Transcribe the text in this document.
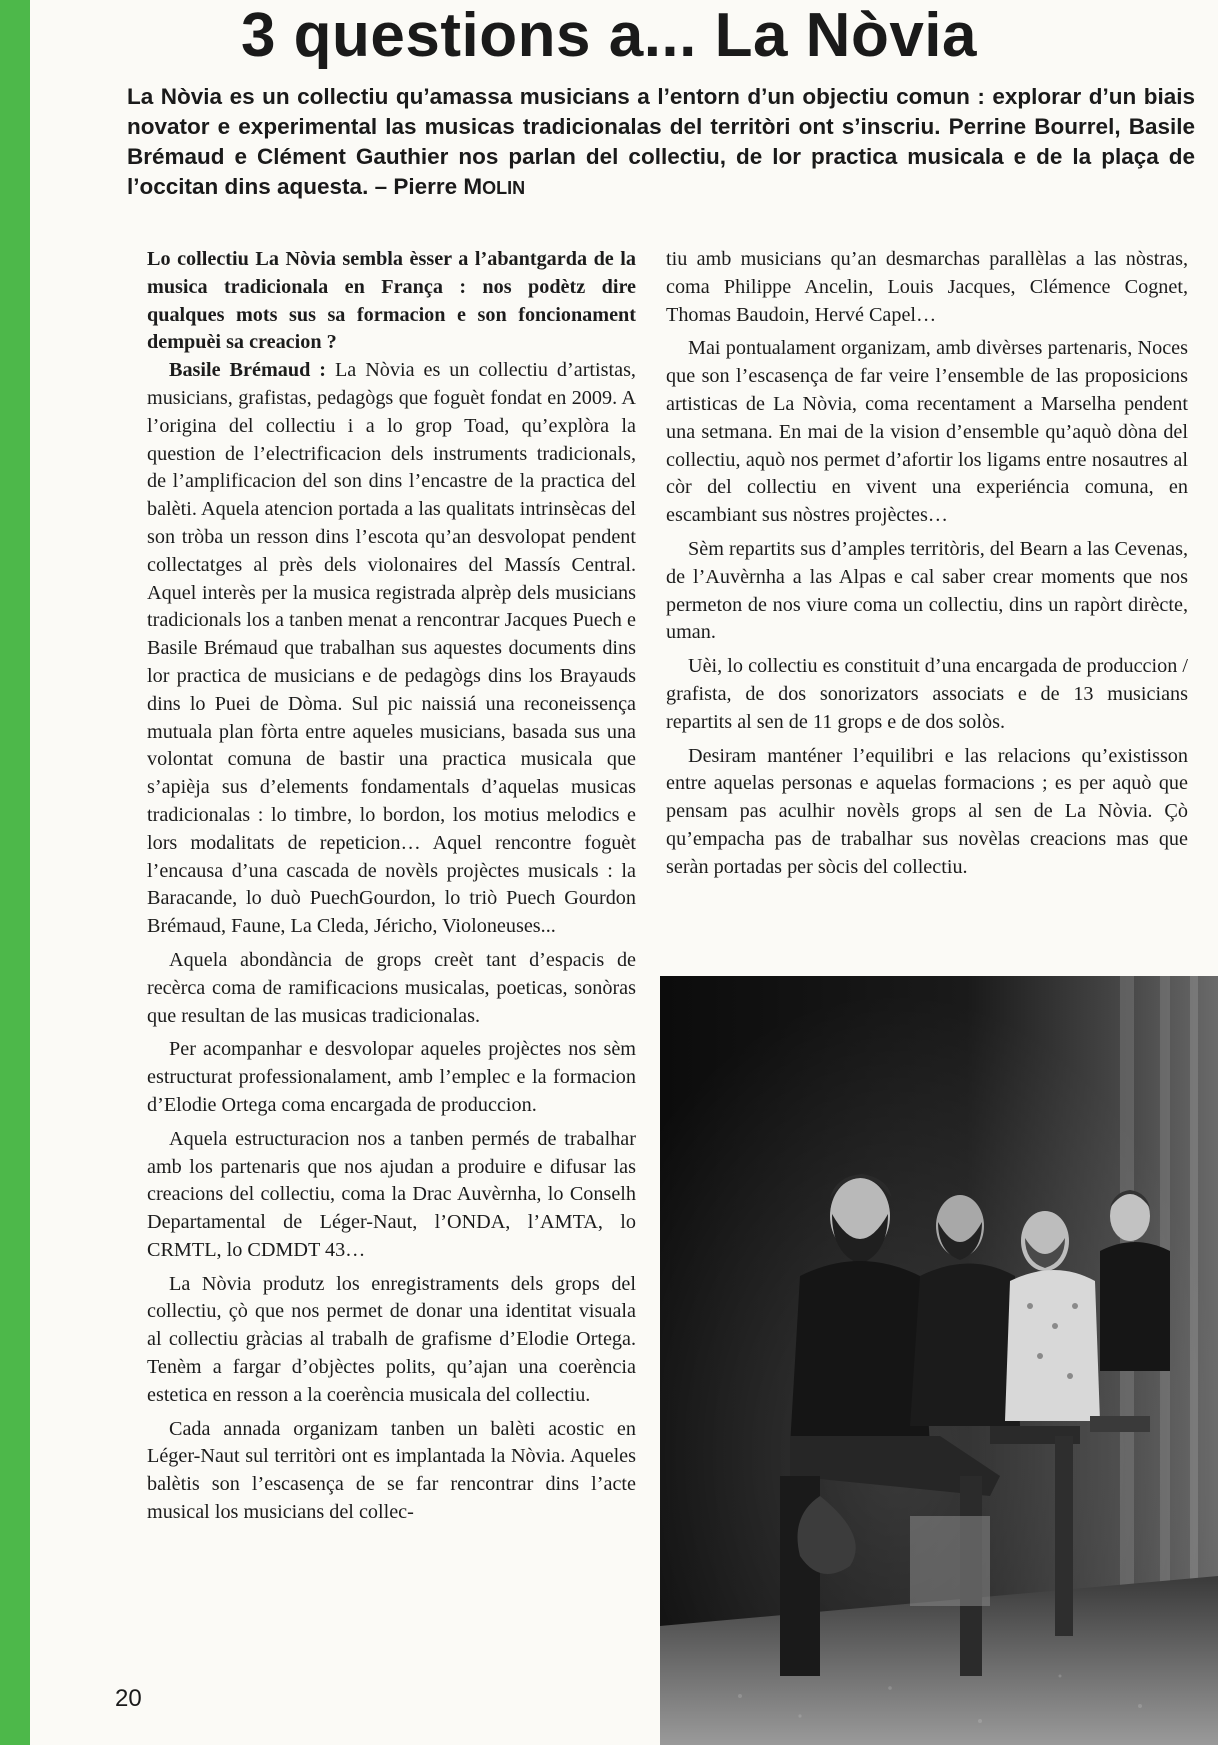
3 questions a... La Nòvia

La Nòvia es un collectiu qu’amassa musicians a l’entorn d’un objectiu comun : explorar d’un biais novator e experimental las musicas tradicionalas del territòri ont s’inscriu. Perrine Bourrel, Basile Brémaud e Clément Gauthier nos parlan del collectiu, de lor practica musicala e de la plaça de l’occitan dins aquesta. – Pierre MOLIN

Lo collectiu La Nòvia sembla èsser a l’abantgarda de la musica tradicionala en França : nos podètz dire qualques mots sus sa formacion e son foncionament dempuèi sa creacion ?

Basile Brémaud : La Nòvia es un collectiu d’artistas, musicians, grafistas, pedagògs que foguèt fondat en 2009. A l’origina del collectiu i a lo grop Toad, qu’explòra la question de l’electrificacion dels instruments tradicionals, de l’amplificacion del son dins l’encastre de la practica del balèti. Aquela atencion portada a las qualitats intrinsècas del son tròba un resson dins l’escota qu’an desvolopat pendent collectatges al près dels violonaires del Massís Central. Aquel interès per la musica registrada alprèp dels musicians tradicionals los a tanben menat a rencontrar Jacques Puech e Basile Brémaud que trabalhan sus aquestes documents dins lor practica de musicians e de pedagògs dins los Brayauds dins lo Puei de Dòma. Sul pic naissiá una reconeissença mutuala plan fòrta entre aqueles musicians, basada sus una volontat comuna de bastir una practica musicala que s’apièja sus d’elements fondamentals d’aquelas musicas tradicionalas : lo timbre, lo bordon, los motius melodics e lors modalitats de repeticion… Aquel rencontre foguèt l’encausa d’una cascada de novèls projèctes musicals : la Baracande, lo duò PuechGourdon, lo triò Puech Gourdon Brémaud, Faune, La Cleda, Jéricho, Violoneuses...

Aquela abondància de grops creèt tant d’espacis de recèrca coma de ramificacions musicalas, poeticas, sonòras que resultan de las musicas tradicionalas.

Per acompanhar e desvolopar aqueles projèctes nos sèm estructurat professionalament, amb l’emplec e la formacion d’Elodie Ortega coma encargada de produccion.

Aquela estructuracion nos a tanben permés de trabalhar amb los partenaris que nos ajudan a produire e difusar las creacions del collectiu, coma la Drac Auvèrnha, lo Conselh Departamental de Léger-Naut, l’ONDA, l’AMTA, lo CRMTL, lo CDMDT 43…

La Nòvia produtz los enregistraments dels grops del collectiu, çò que nos permet de donar una identitat visuala al collectiu gràcias al trabalh de grafisme d’Elodie Ortega. Tenèm a fargar d’objèctes polits, qu’ajan una coerència estetica en resson a la coerència musicala del collectiu.

Cada annada organizam tanben un balèti acostic en Léger-Naut sul territòri ont es implantada la Nòvia. Aqueles balètis son l’escasença de se far rencontrar dins l’acte musical los musicians del collec-

tiu amb musicians qu’an desmarchas parallèlas a las nòstras, coma Philippe Ancelin, Louis Jacques, Clémence Cognet, Thomas Baudoin, Hervé Capel…

Mai pontualament organizam, amb divèrses partenaris, Noces que son l’escasença de far veire l’ensemble de las proposicions artisticas de La Nòvia, coma recentament a Marselha pendent una setmana. En mai de la vision d’ensemble qu’aquò dòna del collectiu, aquò nos permet d’afortir los ligams entre nosautres al còr del collectiu en vivent una experiéncia comuna, en escambiant sus nòstres projèctes…

Sèm repartits sus d’amples territòris, del Bearn a las Cevenas, de l’Auvèrnha a las Alpas e cal saber crear moments que nos permeton de nos viure coma un collectiu, dins un rapòrt dirècte, uman.

Uèi, lo collectiu es constituit d’una encargada de produccion / grafista, de dos sonorizators associats e de 13 musicians repartits al sen de 11 grops e de dos solòs.

Desiram manténer l’equilibri e las relacions qu’existisson entre aquelas personas e aquelas formacions ; es per aquò que pensam pas aculhir novèls grops al sen de La Nòvia. Çò qu’empacha pas de trabalhar sus novèlas creacions mas que seràn portadas per sòcis del collectiu.

20
